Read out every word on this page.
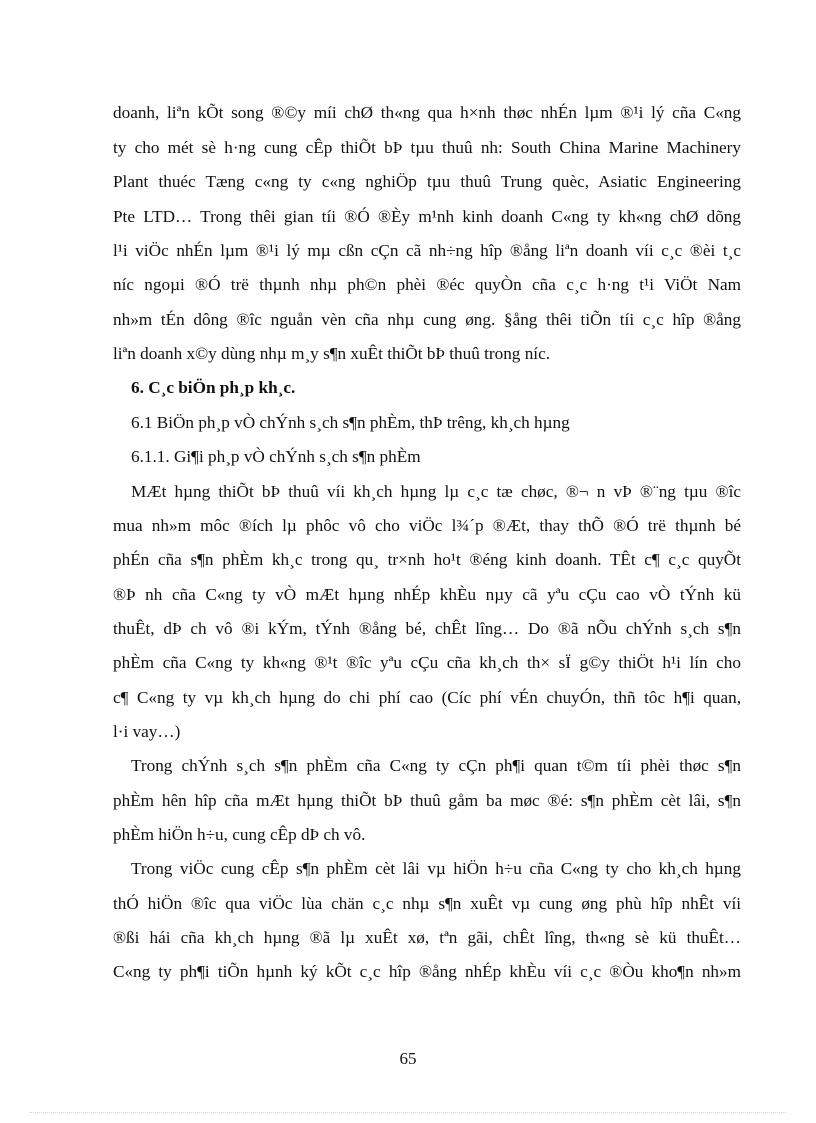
doanh, liªn kÕt song ®©y míi chØ th«ng qua h×nh thøc nhÉn lµm ®¹i lý cña C«ng
ty cho mét sè h·ng cung cÊp thiÕt bÞ tµu thuû nh: South China Marine Machinery
Plant thuéc Tæng c«ng ty c«ng nghiÖp tµu thuû Trung quèc, Asiatic Engineering
Pte LTD… Trong thêi gian tíi ®Ó ®Èy m¹nh kinh doanh C«ng ty kh«ng chØ dõng
l¹i viÖc nhÉn lµm ®¹i lý mµ cßn cÇn cã nh÷ng hîp ®ång liªn doanh víi c¸c ®èi t¸c
níc ngoµi ®Ó trë thµnh nhµ ph©n phèi ®éc quyÒn cña c¸c h·ng t¹i ViÖt Nam
nh»m tÉn dông ®îc nguån vèn cña nhµ cung øng. §ång thêi tiÕn tíi c¸c hîp ®ång
liªn doanh x©y dùng nhµ m¸y s¶n xuÊt thiÕt bÞ thuû trong níc.
6. C¸c biÖn ph¸p kh¸c.
6.1 BiÖn ph¸p vÒ chÝnh s¸ch s¶n phÈm, thÞ trêng, kh¸ch hµng
6.1.1. Gi¶i ph¸p vÒ chÝnh s¸ch s¶n phÈm
MÆt hµng thiÕt bÞ thuû víi kh¸ch hµng lµ c¸c tæ chøc, ®¬ n vÞ ®¨ng tµu ®îc
mua nh»m môc ®ích lµ phôc vô cho viÖc l¾´p ®Æt, thay thÕ ®Ó trë thµnh bé
phÉn cña s¶n phÈm kh¸c trong qu¸ tr×nh ho¹t ®éng kinh doanh. TÊt c¶ c¸c quyÕt
®Þ nh cña C«ng ty vÒ mÆt hµng nhÉp khÈu nµy cã yªu cÇu cao vÒ tÝnh kü
thuÊt, dÞ ch vô ®i kÝm, tÝnh ®ång bé, chÊt lîng… Do ®ã nÕu chÝnh s¸ch s¶n
phÈm cña C«ng ty kh«ng ®¹t ®îc yªu cÇu cña kh¸ch th× sÏ g©y thiÖt h¹i lín cho
c¶ C«ng ty vµ kh¸ch hµng do chi phí cao (Cíc phí vÉn chuyÓn, thñ tôc h¶i quan,
l·i vay…)
Trong chÝnh s¸ch s¶n phÈm cña C«ng ty cÇn ph¶i quan t©m tíi phèi thøc s¶n
phÈm hên hîp cña mÆt hµng thiÕt bÞ thuû gåm ba møc ®é: s¶n phÈm cèt lâi, s¶n
phÈm hiÖn h÷u, cung cÊp dÞ ch vô.
Trong viÖc cung cÊp s¶n phÈm cèt lâi vµ hiÖn h÷u cña C«ng ty cho kh¸ch hµng
thÓ hiÖn ®îc qua viÖc lùa chän c¸c nhµ s¶n xuÊt vµ cung øng phù hîp nhÊt víi
®ßi hái cña kh¸ch hµng ®ã lµ xuÊt xø, tªn gãi, chÊt lîng, th«ng sè kü thuÊt…
C«ng ty ph¶i tiÕn hµnh ký kÕt c¸c hîp ®ång nhÉp khÈu víi c¸c ®Òu kho¶n nh»m
65
